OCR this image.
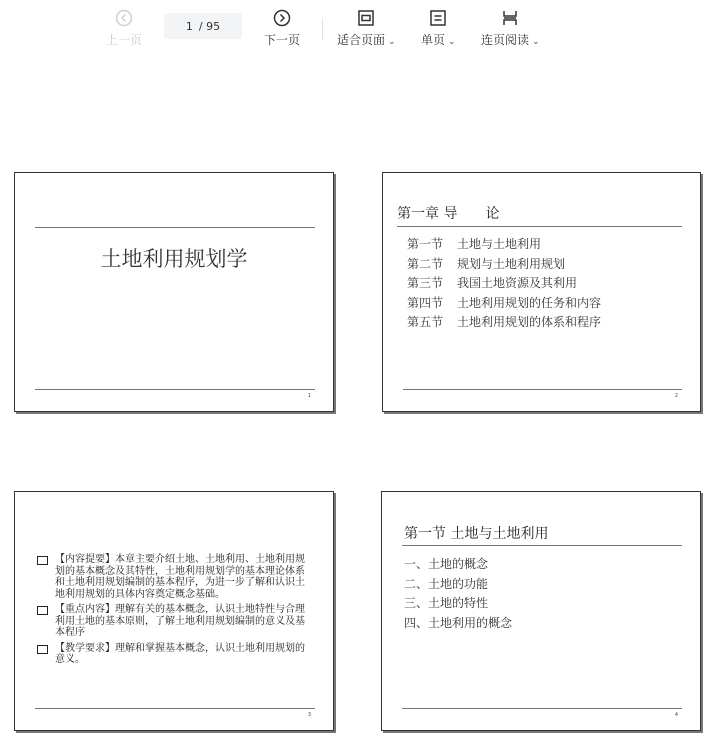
上一页
1 / 95
下一页	适合页面 ⌄ 单页 ⌄ 连页阅读 ⌄
土地利用规划学
1
第一章 导　　论
第一节 土地与土地利用
第二节 规划与土地利用规划
第三节 我国土地资源及其利用
第四节 土地利用规划的任务和内容
第五节 土地利用规划的体系和程序
2
【内容提要】本章主要介绍土地、土地利用、土地利用规划的基本概念及其特性，土地利用规划学的基本理论体系和土地利用规划编制的基本程序，为进一步了解和认识土地利用规划的具体内容奠定概念基础。
【重点内容】理解有关的基本概念，认识土地特性与合理利用土地的基本原则，了解土地利用规划编制的意义及基本程序
【教学要求】理解和掌握基本概念，认识土地利用规划的意义。
3
第一节 土地与土地利用
一、土地的概念
二、土地的功能
三、土地的特性
四、土地利用的概念
4
